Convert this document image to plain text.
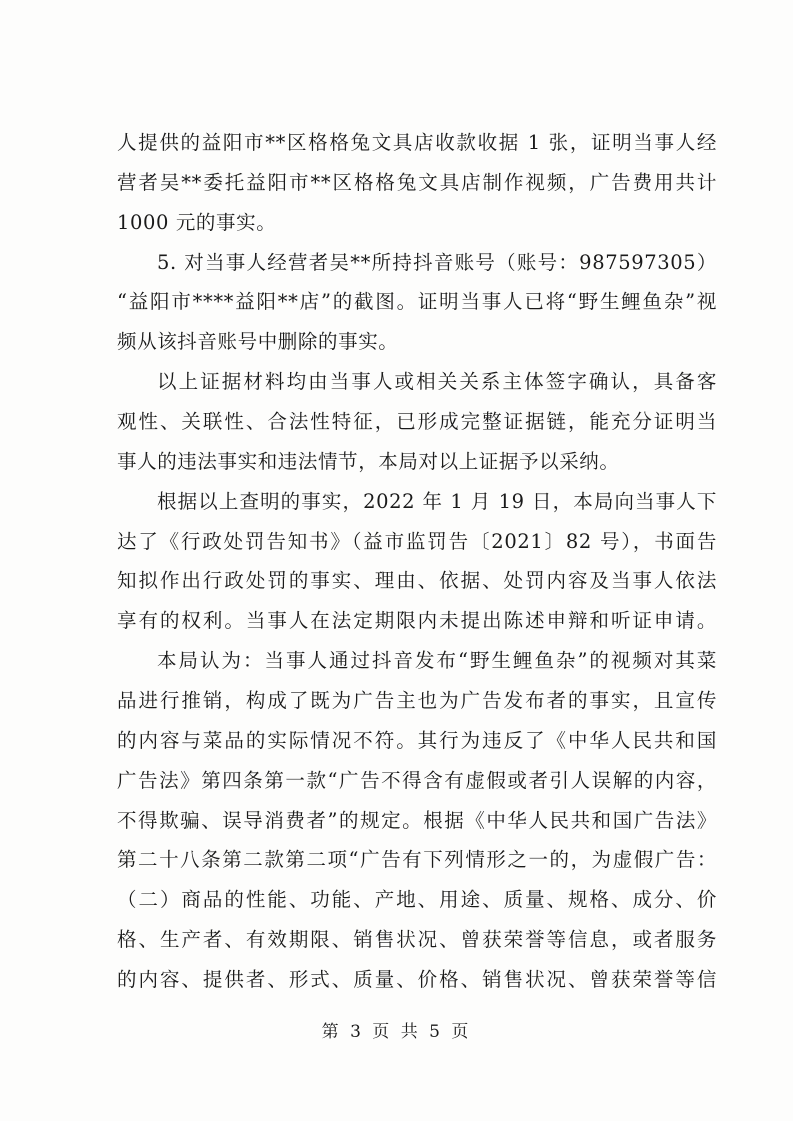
人提供的益阳市**区格格兔文具店收款收据 1 张，证明当事人经
营者吴**委托益阳市**区格格兔文具店制作视频，广告费用共计
1000 元的事实。
5. 对当事人经营者吴**所持抖音账号（账号：987597305）
“益阳市****益阳**店”的截图。证明当事人已将“野生鲤鱼杂”视
频从该抖音账号中删除的事实。
以上证据材料均由当事人或相关关系主体签字确认，具备客
观性、关联性、合法性特征，已形成完整证据链，能充分证明当
事人的违法事实和违法情节，本局对以上证据予以采纳。
根据以上查明的事实，2022 年 1 月 19 日，本局向当事人下
达了《行政处罚告知书》（益市监罚告〔2021〕82 号），书面告
知拟作出行政处罚的事实、理由、依据、处罚内容及当事人依法
享有的权利。当事人在法定期限内未提出陈述申辩和听证申请。
本局认为：当事人通过抖音发布“野生鲤鱼杂”的视频对其菜
品进行推销，构成了既为广告主也为广告发布者的事实，且宣传
的内容与菜品的实际情况不符。其行为违反了《中华人民共和国
广告法》第四条第一款“广告不得含有虚假或者引人误解的内容，
不得欺骗、误导消费者”的规定。根据《中华人民共和国广告法》
第二十八条第二款第二项“广告有下列情形之一的，为虚假广告：
（二）商品的性能、功能、产地、用途、质量、规格、成分、价
格、生产者、有效期限、销售状况、曾获荣誉等信息，或者服务
的内容、提供者、形式、质量、价格、销售状况、曾获荣誉等信
第 3 页 共 5 页
